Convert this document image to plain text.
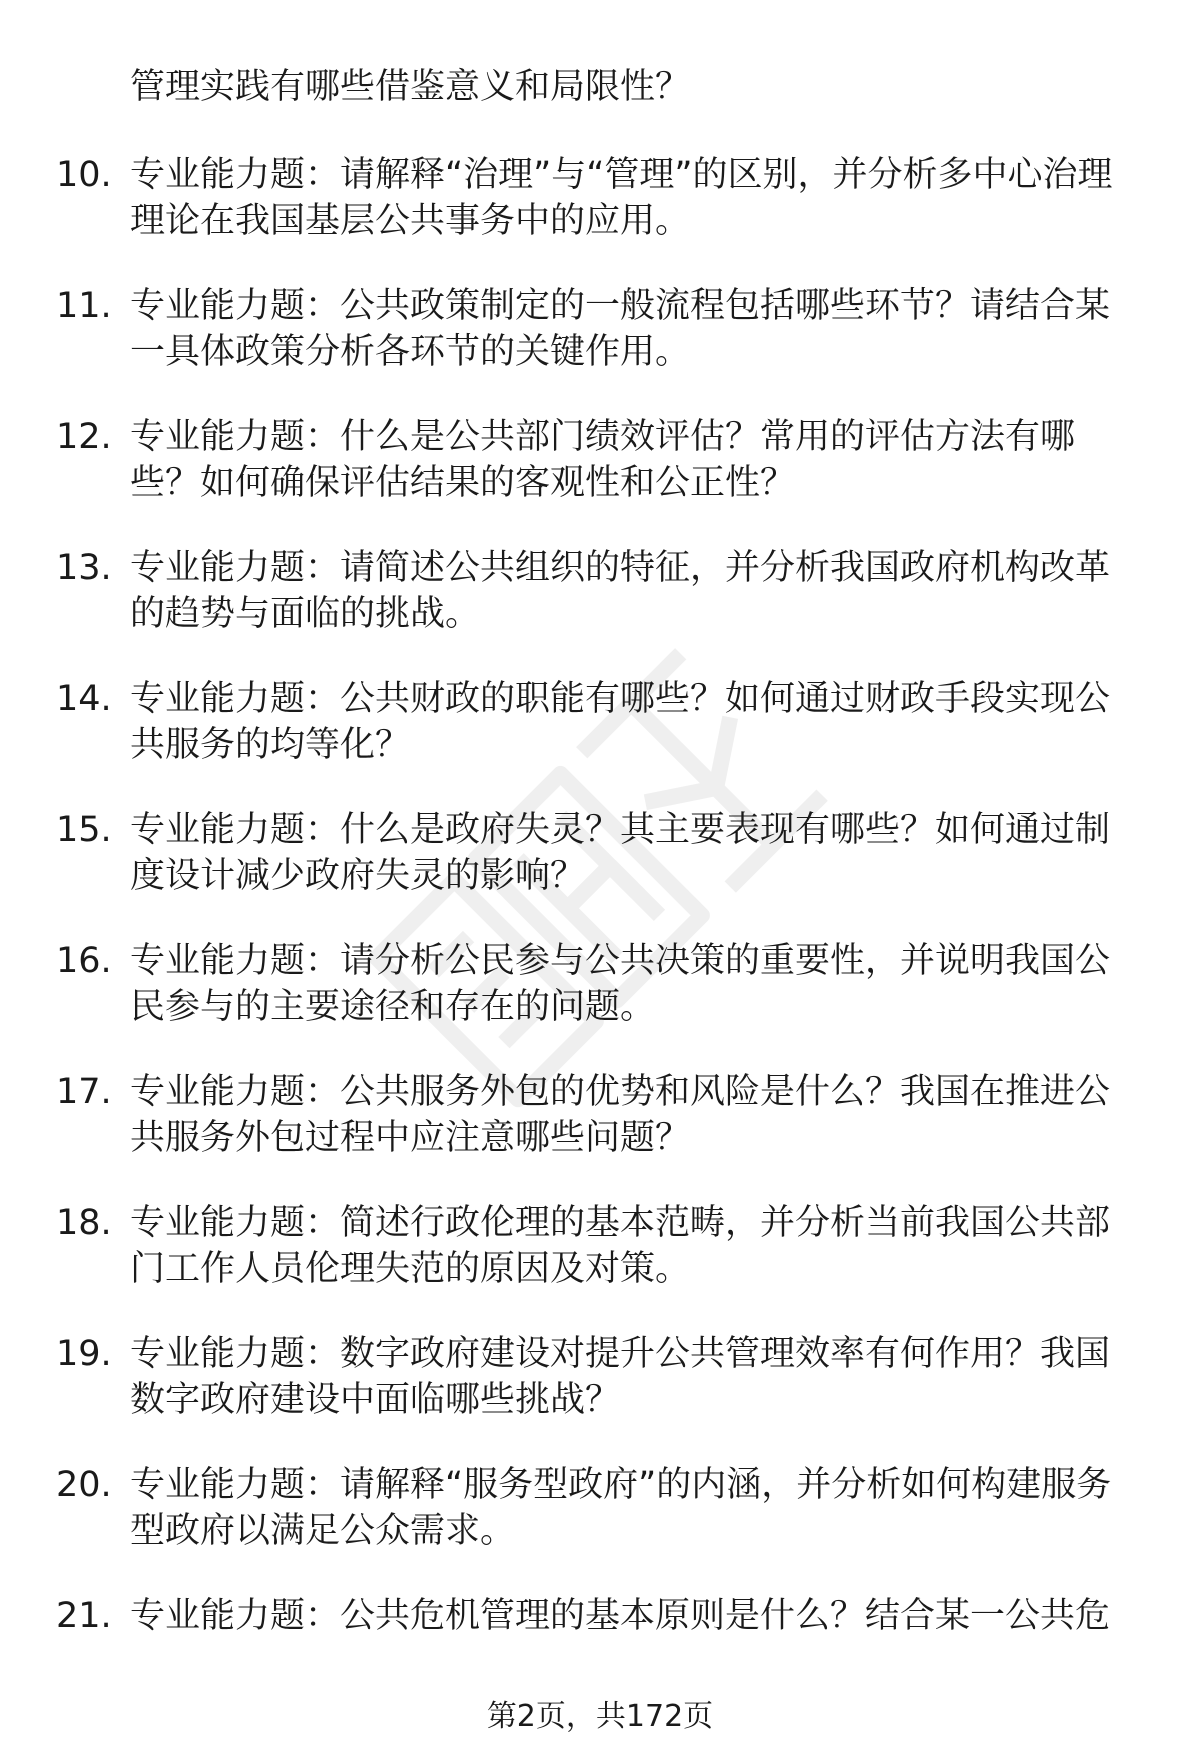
管理实践有哪些借鉴意义和局限性？

10. 专业能力题：请解释“治理”与“管理”的区别，并分析多中心治理理论在我国基层公共事务中的应用。

11. 专业能力题：公共政策制定的一般流程包括哪些环节？请结合某一具体政策分析各环节的关键作用。

12. 专业能力题：什么是公共部门绩效评估？常用的评估方法有哪些？如何确保评估结果的客观性和公正性？

13. 专业能力题：请简述公共组织的特征，并分析我国政府机构改革的趋势与面临的挑战。

14. 专业能力题：公共财政的职能有哪些？如何通过财政手段实现公共服务的均等化？

15. 专业能力题：什么是政府失灵？其主要表现有哪些？如何通过制度设计减少政府失灵的影响？

16. 专业能力题：请分析公民参与公共决策的重要性，并说明我国公民参与的主要途径和存在的问题。

17. 专业能力题：公共服务外包的优势和风险是什么？我国在推进公共服务外包过程中应注意哪些问题？

18. 专业能力题：简述行政伦理的基本范畴，并分析当前我国公共部门工作人员伦理失范的原因及对策。

19. 专业能力题：数字政府建设对提升公共管理效率有何作用？我国数字政府建设中面临哪些挑战？

20. 专业能力题：请解释“服务型政府”的内涵，并分析如何构建服务型政府以满足公众需求。

21. 专业能力题：公共危机管理的基本原则是什么？结合某一公共危

第2页，共172页
